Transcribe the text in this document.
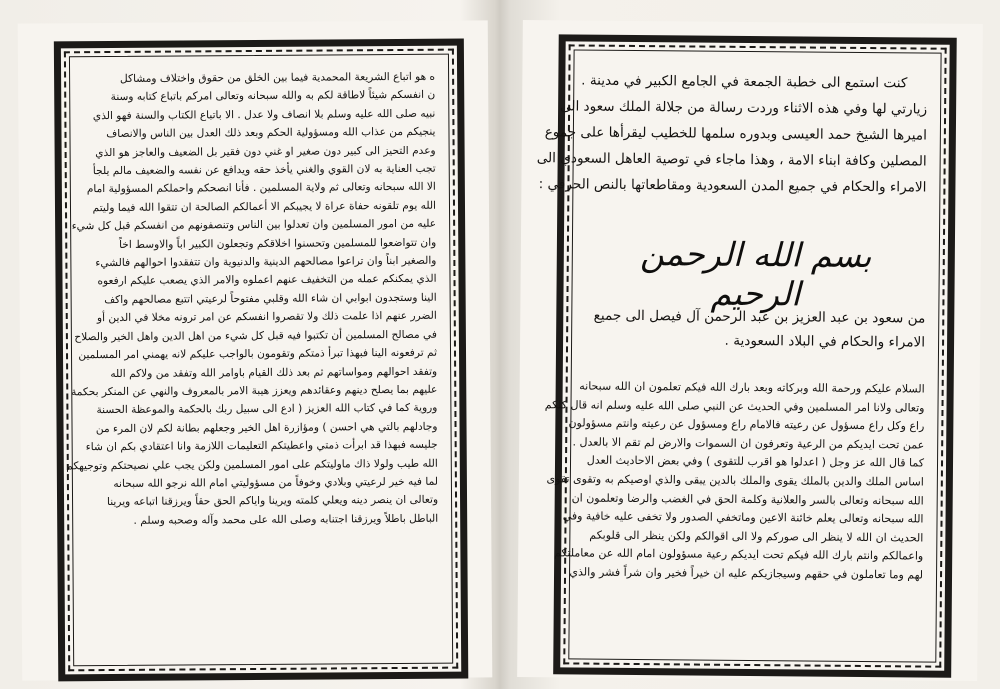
ه هو اتباع الشريعة المحمدية فيما بين الخلق من حقوق واختلاف ومشاكل
ن انفسكم شيئاً لاطاقة لكم به والله سبحانه وتعالى امركم باتباع كتابه وسنة
نبيه صلى الله عليه وسلم بلا انصاف ولا عدل . الا باتباع الكتاب والسنة فهو الذي
ينجيكم من عذاب الله ومسؤولية الحكم وبعد ذلك العدل بين الناس والانصاف
وعدم التحيز الى كبير دون صغير او غني دون فقير بل الضعيف والعاجز هو الذي
تجب العناية به لان القوي والغني يأخذ حقه ويدافع عن نفسه والضعيف مالم يلجأ
الا الله سبحانه وتعالى ثم ولاية المسلمين . فأنا انصحكم واحملكم المسؤولية امام
الله يوم تلقونه حفاة عراة لا يجيبكم الا أعمالكم الصالحة ان تتقوا الله فيما وليتم
عليه من امور المسلمين وان تعدلوا بين الناس وتنصفونهم من انفسكم قبل كل شيء
وان تتواضعوا للمسلمين وتحسنوا اخلاقكم وتجعلون الكبير اباً والاوسط اخاً
والصغير ابناً وان تراعوا مصالحهم الدينية والدنيوية وان تتفقدوا احوالهم فالشيء
الذي يمكنكم عمله من التخفيف عنهم اعملوه والامر الذي يصعب عليكم ارفعوه
الينا وستجدون ابوابي ان شاء الله وقلبي مفتوحاً لرعيتي اتتبع مصالحهم واكف
الضرر عنهم اذا علمت ذلك ولا تقصروا انفسكم عن امر ترونه مخلا في الدين أو
في مصالح المسلمين أن تكتبوا فيه قبل كل شيء من اهل الدين واهل الخير والصلاح
ثم ترفعونه الينا فبهذا تبرأ ذمتكم وتقومون بالواجب عليكم لانه يهمني امر المسلمين
وتفقد احوالهم ومواساتهم ثم بعد ذلك القيام باوامر الله وتفقد من ولاكم الله
عليهم بما يصلح دينهم وعقائدهم ويعزز هيبة الامر بالمعروف والنهي عن المنكر بحكمة
وروية كما في كتاب الله العزيز ( ادع الى سبيل ربك بالحكمة والموعظة الحسنة
وجادلهم بالتي هي احسن ) ومؤازرة اهل الخير وجعلهم بطانة لكم لان المرء من
جليسه فبهذا قد ابرأت ذمتي واعطيتكم التعليمات اللازمة وانا اعتقادي بكم ان شاء
الله طيب ولولا ذاك ماوليتكم على امور المسلمين ولكن يجب علي نصيحتكم وتوجيهكم
لما فيه خير لرعيتي وبلادي وخوفاً من مسؤوليتي امام الله نرجو الله سبحانه
وتعالى ان ينصر دينه ويعلي كلمته ويرينا واياكم الحق حقاً ويرزقنا اتباعه ويرينا
الباطل باطلاً ويرزقنا اجتنابه وصلى الله على محمد وآله وصحبه وسلم .
كنت استمع الى خطبة الجمعة في الجامع الكبير في مدينة .
زيارتي لها وفي هذه الاثناء وردت رسالة من جلالة الملك سعود الى
اميرها الشيخ حمد العيسى وبدوره سلمها للخطيب ليقرأها على جموع
المصلين وكافة ابناء الامة ، وهذا ماجاء في توصية العاهل السعودي الى
الامراء والحكام في جميع المدن السعودية ومقاطعاتها بالنص الحرفي :
بسم الله الرحمن الرحيم
من سعود بن عبد العزيز بن عبد الرحمن آل فيصل الى جميع
الامراء والحكام في البلاد السعودية .
السلام عليكم ورحمة الله وبركاته وبعد بارك الله فيكم تعلمون ان الله سبحانه
وتعالى ولانا امر المسلمين وفي الحديث عن النبي صلى الله عليه وسلم انه قال كلكم
راع وكل راع مسؤول عن رعيته فالامام راع ومسؤول عن رعيته وانتم مسؤولون
عمن تحت ايديكم من الرعية وتعرفون ان السموات والارض لم تقم الا بالعدل .
كما قال الله عز وجل ( اعدلوا هو اقرب للتقوى ) وفي بعض الاحاديث العدل
اساس الملك والدين بالملك يقوى والملك بالدين يبقى والذي اوصيكم به وتقوى تقوى
الله سبحانه وتعالى بالسر والعلانية وكلمة الحق في الغضب والرضا وتعلمون ان
الله سبحانه وتعالى يعلم خائنة الاعين وماتخفي الصدور ولا تخفى عليه خافية وفي
الحديث ان الله لا ينظر الى صوركم ولا الى اقوالكم ولكن ينظر الى قلوبكم
واعمالكم وانتم بارك الله فيكم تحت ايديكم رعية مسؤولون امام الله عن معاملتكم
لهم وما تعاملون في حقهم وسيجازيكم عليه ان خيراً فخير وان شراً فشر والذي
